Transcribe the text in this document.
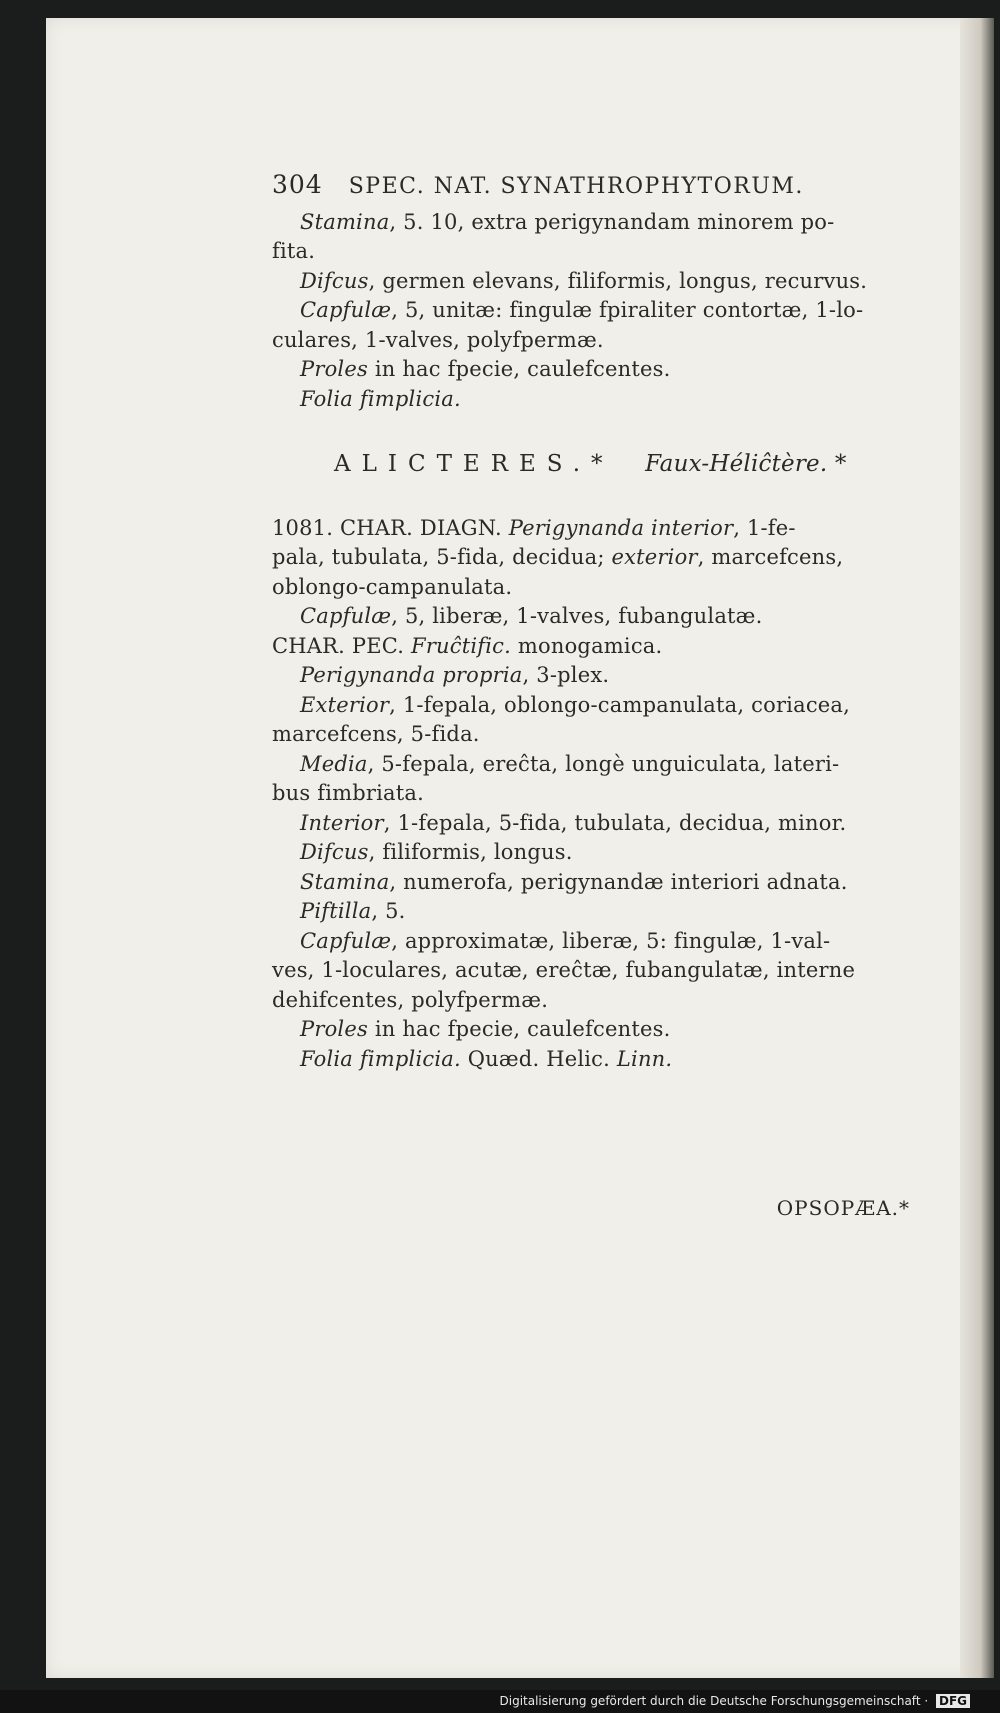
304 SPEC. NAT. SYNATHROPHYTORUM.
Stamina, 5. 10, extra perigynandam minorem po-
fita.
Difcus, germen elevans, filiformis, longus, recurvus.
Capfulæ, 5, unitæ: fingulæ fpiraliter contortæ, 1-lo-
culares, 1-valves, polyfpermæ.
Proles in hac fpecie, caulefcentes.
Folia fimplicia.
ALICTERES.* Faux-Héliĉtère. *
1081. CHAR. DIAGN. Perigynanda interior, 1-fe-
pala, tubulata, 5-fida, decidua; exterior, marcefcens,
oblongo-campanulata.
Capfulæ, 5, liberæ, 1-valves, fubangulatæ.
CHAR. PEC. Fruĉtific. monogamica.
Perigynanda propria, 3-plex.
Exterior, 1-fepala, oblongo-campanulata, coriacea,
marcefcens, 5-fida.
Media, 5-fepala, ereĉta, longè unguiculata, lateri-
bus fimbriata.
Interior, 1-fepala, 5-fida, tubulata, decidua, minor.
Difcus, filiformis, longus.
Stamina, numerofa, perigynandæ interiori adnata.
Piftilla, 5.
Capfulæ, approximatæ, liberæ, 5: fingulæ, 1-val-
ves, 1-loculares, acutæ, ereĉtæ, fubangulatæ, interne
dehifcentes, polyfpermæ.
Proles in hac fpecie, caulefcentes.
Folia fimplicia. Quæd. Helic. Linn.
OPSOPÆA.*
Digitalisierung gefördert durch die Deutsche Forschungsgemeinschaft · DFG
